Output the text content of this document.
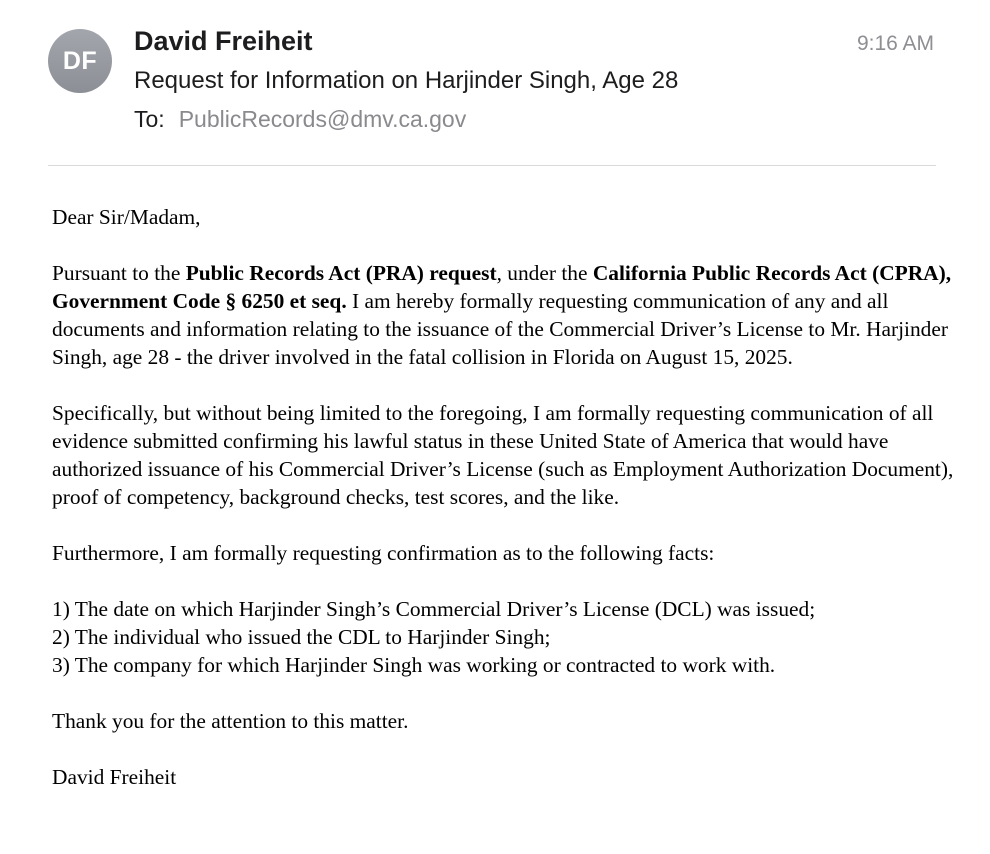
DF
David Freiheit	9:16 AM
Request for Information on Harjinder Singh, Age 28
To: PublicRecords@dmv.ca.gov

Dear Sir/Madam,

Pursuant to the Public Records Act (PRA) request, under the California Public Records Act (CPRA), Government Code § 6250 et seq. I am hereby formally requesting communication of any and all documents and information relating to the issuance of the Commercial Driver’s License to Mr. Harjinder Singh, age 28 - the driver involved in the fatal collision in Florida on August 15, 2025.

Specifically, but without being limited to the foregoing, I am formally requesting communication of all evidence submitted confirming his lawful status in these United State of America that would have authorized issuance of his Commercial Driver’s License (such as Employment Authorization Document), proof of competency, background checks, test scores, and the like.

Furthermore, I am formally requesting confirmation as to the following facts:

1) The date on which Harjinder Singh’s Commercial Driver’s License (DCL) was issued;
2) The individual who issued the CDL to Harjinder Singh;
3) The company for which Harjinder Singh was working or contracted to work with.

Thank you for the attention to this matter.

David Freiheit
